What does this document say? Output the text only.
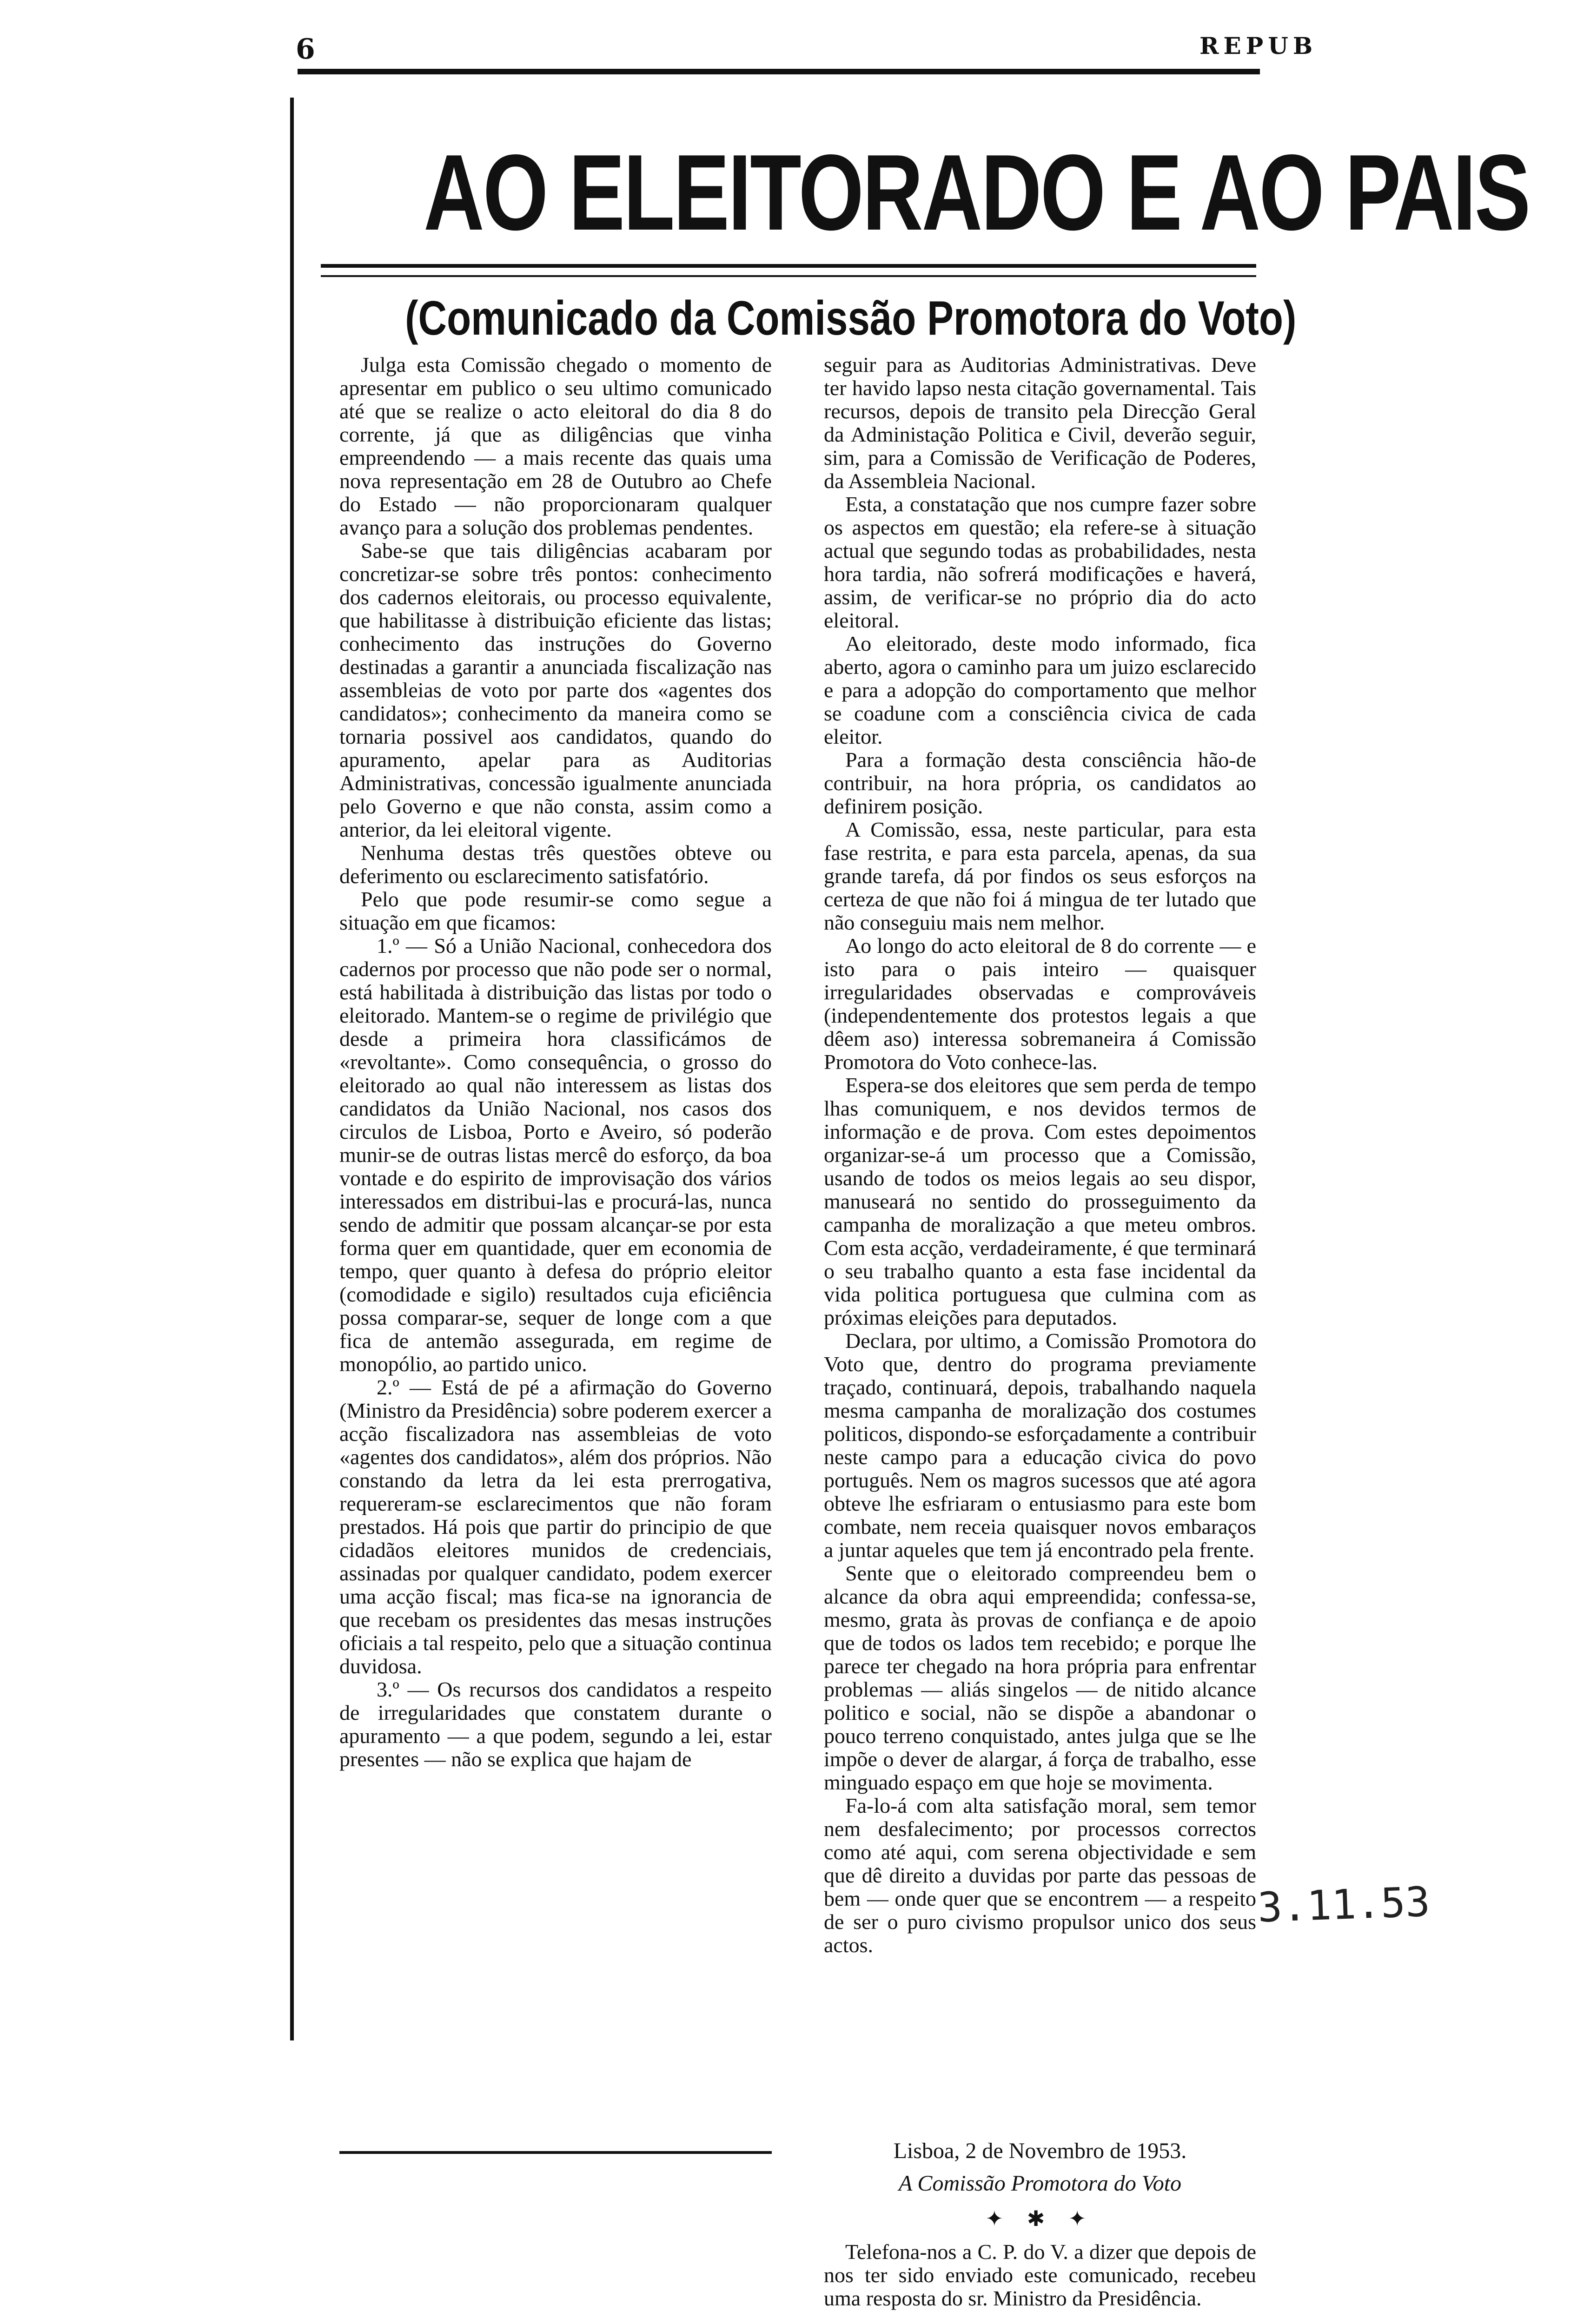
6	REPUB
AO ELEITORADO E AO PAIS
(Comunicado da Comissão Promotora do Voto)

Julga esta Comissão chegado o momento de apresentar em publico o seu ultimo comunicado até que se realize o acto eleitoral do dia 8 do corrente, já que as diligências que vinha empreendendo — a mais recente das quais uma nova representação em 28 de Outubro ao Chefe do Estado — não proporcionaram qualquer avanço para a solução dos problemas pendentes.

Sabe-se que tais diligências acabaram por concretizar-se sobre três pontos: conhecimento dos cadernos eleitorais, ou processo equivalente, que habilitasse à distribuição eficiente das listas; conhecimento das instruções do Governo destinadas a garantir a anunciada fiscalização nas assembleias de voto por parte dos «agentes dos candidatos»; conhecimento da maneira como se tornaria possivel aos candidatos, quando do apuramento, apelar para as Auditorias Administrativas, concessão igualmente anunciada pelo Governo e que não consta, assim como a anterior, da lei eleitoral vigente.

Nenhuma destas três questões obteve ou deferimento ou esclarecimento satisfatório.

Pelo que pode resumir-se como segue a situação em que ficamos:

1.º — Só a União Nacional, conhecedora dos cadernos por processo que não pode ser o normal, está habilitada à distribuição das listas por todo o eleitorado. Mantem-se o regime de privilégio que desde a primeira hora classificámos de «revoltante». Como consequência, o grosso do eleitorado ao qual não interessem as listas dos candidatos da União Nacional, nos casos dos circulos de Lisboa, Porto e Aveiro, só poderão munir-se de outras listas mercê do esforço, da boa vontade e do espirito de improvisação dos vários interessados em distribui-las e procurá-las, nunca sendo de admitir que possam alcançar-se por esta forma quer em quantidade, quer em economia de tempo, quer quanto à defesa do próprio eleitor (comodidade e sigilo) resultados cuja eficiência possa comparar-se, sequer de longe com a que fica de antemão assegurada, em regime de monopólio, ao partido unico.

2.º — Está de pé a afirmação do Governo (Ministro da Presidência) sobre poderem exercer a acção fiscalizadora nas assembleias de voto «agentes dos candidatos», além dos próprios. Não constando da letra da lei esta prerrogativa, requereram-se esclarecimentos que não foram prestados. Há pois que partir do principio de que cidadãos eleitores munidos de credenciais, assinadas por qualquer candidato, podem exercer uma acção fiscal; mas fica-se na ignorancia de que recebam os presidentes das mesas instruções oficiais a tal respeito, pelo que a situação continua duvidosa.

3.º — Os recursos dos candidatos a respeito de irregularidades que constatem durante o apuramento — a que podem, segundo a lei, estar presentes — não se explica que hajam de

seguir para as Auditorias Administrativas. Deve ter havido lapso nesta citação governamental. Tais recursos, depois de transito pela Direcção Geral da Administação Politica e Civil, deverão seguir, sim, para a Comissão de Verificação de Poderes, da Assembleia Nacional.

Esta, a constatação que nos cumpre fazer sobre os aspectos em questão; ela refere-se à situação actual que segundo todas as probabilidades, nesta hora tardia, não sofrerá modificações e haverá, assim, de verificar-se no próprio dia do acto eleitoral.

Ao eleitorado, deste modo informado, fica aberto, agora o caminho para um juizo esclarecido e para a adopção do comportamento que melhor se coadune com a consciência civica de cada eleitor.

Para a formação desta consciência hão-de contribuir, na hora própria, os candidatos ao definirem posição.

A Comissão, essa, neste particular, para esta fase restrita, e para esta parcela, apenas, da sua grande tarefa, dá por findos os seus esforços na certeza de que não foi á mingua de ter lutado que não conseguiu mais nem melhor.

Ao longo do acto eleitoral de 8 do corrente — e isto para o pais inteiro — quaisquer irregularidades observadas e comprováveis (independentemente dos protestos legais a que dêem aso) interessa sobremaneira á Comissão Promotora do Voto conhece-las.

Espera-se dos eleitores que sem perda de tempo lhas comuniquem, e nos devidos termos de informação e de prova. Com estes depoimentos organizar-se-á um processo que a Comissão, usando de todos os meios legais ao seu dispor, manuseará no sentido do prosseguimento da campanha de moralização a que meteu ombros. Com esta acção, verdadeiramente, é que terminará o seu trabalho quanto a esta fase incidental da vida politica portuguesa que culmina com as próximas eleições para deputados.

Declara, por ultimo, a Comissão Promotora do Voto que, dentro do programa previamente traçado, continuará, depois, trabalhando naquela mesma campanha de moralização dos costumes politicos, dispondo-se esforçadamente a contribuir neste campo para a educação civica do povo português. Nem os magros sucessos que até agora obteve lhe esfriaram o entusiasmo para este bom combate, nem receia quaisquer novos embaraços a juntar aqueles que tem já encontrado pela frente.

Sente que o eleitorado compreendeu bem o alcance da obra aqui empreendida; confessa-se, mesmo, grata às provas de confiança e de apoio que de todos os lados tem recebido; e porque lhe parece ter chegado na hora própria para enfrentar problemas — aliás singelos — de nitido alcance politico e social, não se dispõe a abandonar o pouco terreno conquistado, antes julga que se lhe impõe o dever de alargar, á força de trabalho, esse minguado espaço em que hoje se movimenta.

Fa-lo-á com alta satisfação moral, sem temor nem desfalecimento; por processos correctos como até aqui, com serena objectividade e sem que dê direito a duvidas por parte das pessoas de bem — onde quer que se encontrem — a respeito de ser o puro civismo propulsor unico dos seus actos.

Lisboa, 2 de Novembro de 1953.
A Comissão Promotora do Voto
✦ ✱ ✦

Telefona-nos a C. P. do V. a dizer que depois de nos ter sido enviado este comunicado, recebeu uma resposta do sr. Ministro da Presidência.

3.11.53
